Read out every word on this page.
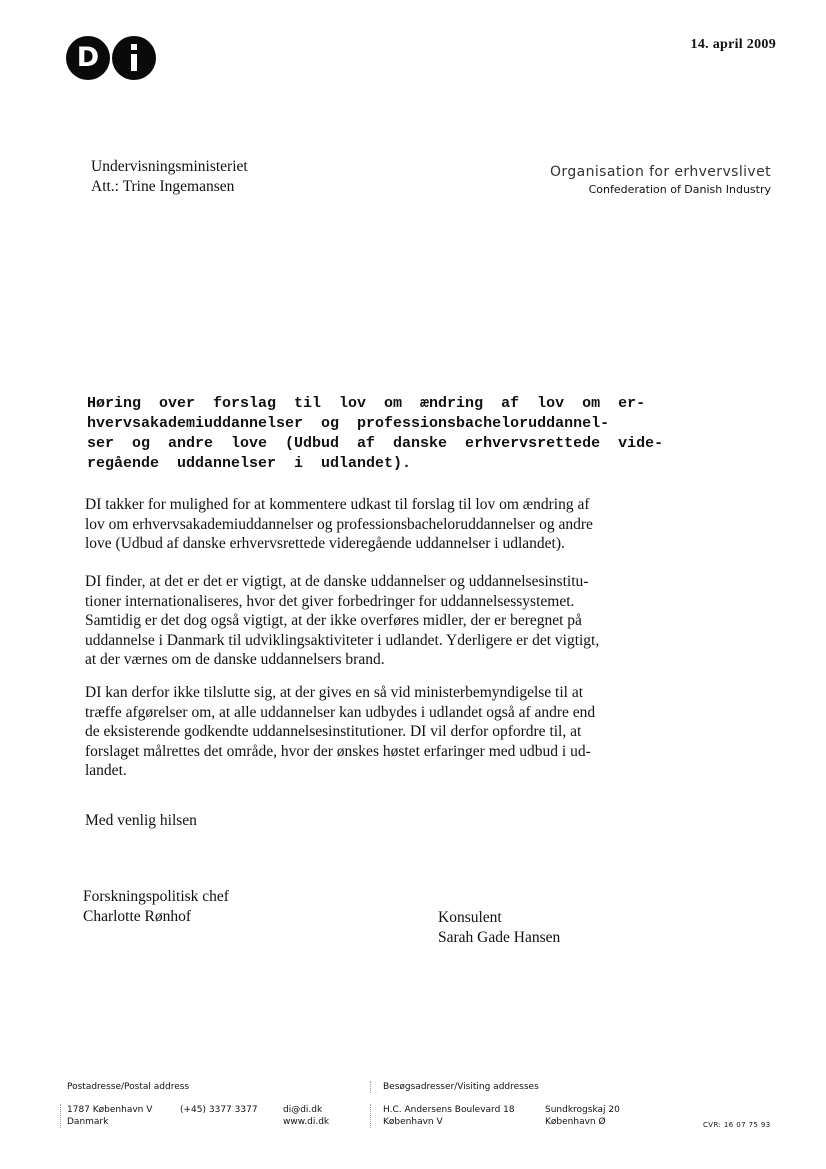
D	14. april 2009
Undervisningsministeriet
Att.: Trine Ingemansen
Organisation for erhvervslivet
Confederation of Danish Industry
Høring  over  forslag  til  lov  om  ændring  af  lov  om  er-
hvervsakademiuddannelser  og  professionsbacheloruddannel-
ser  og  andre  love  (Udbud  af  danske  erhvervsrettede  vide-
regående  uddannelser  i  udlandet).
DI takker for mulighed for at kommentere udkast til forslag til lov om ændring af
lov om erhvervsakademiuddannelser og professionsbacheloruddannelser og andre
love (Udbud af danske erhvervsrettede videregående uddannelser i udlandet).
DI finder, at det er det er vigtigt, at de danske uddannelser og uddannelsesinstitu-
tioner internationaliseres, hvor det giver forbedringer for uddannelsessystemet.
Samtidig er det dog også vigtigt, at der ikke overføres midler, der er beregnet på
uddannelse i Danmark til udviklingsaktiviteter i udlandet. Yderligere er det vigtigt,
at der værnes om de danske uddannelsers brand.
DI kan derfor ikke tilslutte sig, at der gives en så vid ministerbemyndigelse til at
træffe afgørelser om, at alle uddannelser kan udbydes i udlandet også af andre end
de eksisterende godkendte uddannelsesinstitutioner. DI vil derfor opfordre til, at
forslaget målrettes det område, hvor der ønskes høstet erfaringer med udbud i ud-
landet.
Med venlig hilsen
Forskningspolitisk chef
Charlotte Rønhof	Konsulent
Sarah Gade Hansen
Postadresse/Postal address	Besøgsadresser/Visiting addresses
1787 København V
Danmark
(+45) 3377 3377	di@di.dk
www.di.dk
H.C. Andersens Boulevard 18
København V
Sundkrogskaj 20
København Ø	CVR: 16 07 75 93
